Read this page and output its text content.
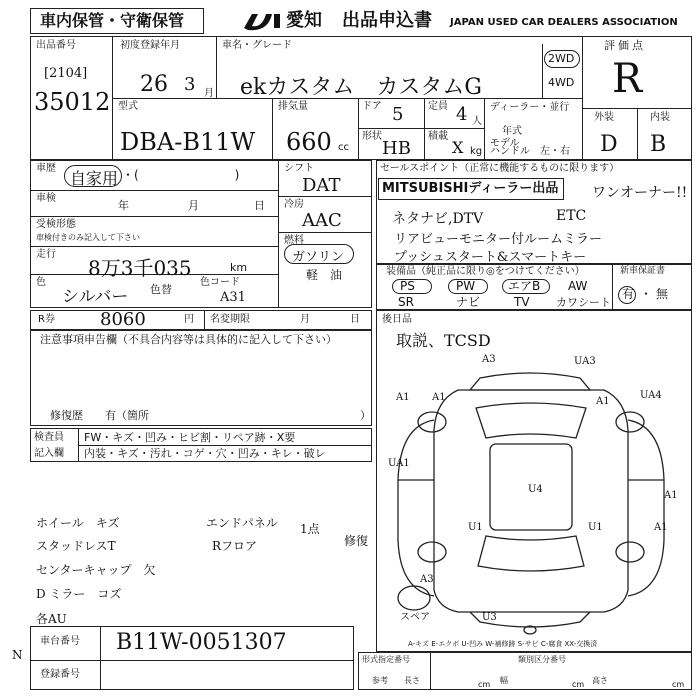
車内保管・守衛保管	愛知 出品申込書 JAPAN USED CAR DEALERS ASSOCIATION
出品番号
[2104]
35012
初度登録年月
26 3 月
車名・グレード
ekカスタム　カスタムG
2WD
4WD
評価点
R
型式
DBA-B11W
排気量
660 cc
ドア 5 定員 4 人
形状
HB
積載
X kg
ディーラー・並行
年式
モデル
ハンドル　左・右
外装	内装
D B
車歴
自家用 ・(　　　　　　　　)
車検
年	月	日
受検形態
車検付きのみ記入して下さい
走行
8万3千035	km
色
シルバー 色替
色コード
A31
シフト
DAT
冷房
AAC
燃料
ガソリン
軽　油
セールスポイント（正常に機能するものに限ります）
MITSUBISHIディーラー出品 ワンオーナー!!
ネタナビ,DTV	ETC
リアビューモニター付ルームミラー
プッシュスタート&スマートキー
装備品（純正品に限り◎をつけてください）
PS	PW	エアB AW
SR	ナビ	TV カワシート
新車保証書
有 ・ 無
R券	8060	円 名変期限	月	日
注意事項申告欄（不具合内容等は具体的に記入して下さい）
修復歴　　有（箇所	）
検査員
記入欄
FW・キズ・凹み・ヒビ割・リペア跡・X要
内装・キズ・汚れ・コゲ・穴・凹み・キレ・破レ
ホイール　キズ
スタッドレスT
センターキャップ　欠
D ミラー　コズ
各AU
エンドパネル 1点
修復
Rフロア
後日品
取説、TCSD
A3	UA3
A1	UA4
A1	A1
UA1
U4
A1
U1	U1	A1
A3
U3
スペア
A-キズ E-エクボ U-凹み W-補修跡 S-サビ C-腐食 XX-交換済
車台番号 B11W-0051307
登録番号
N	形式指定番号	類別区分番号
参考 長さ	cm 幅	cm 高さ	cm
